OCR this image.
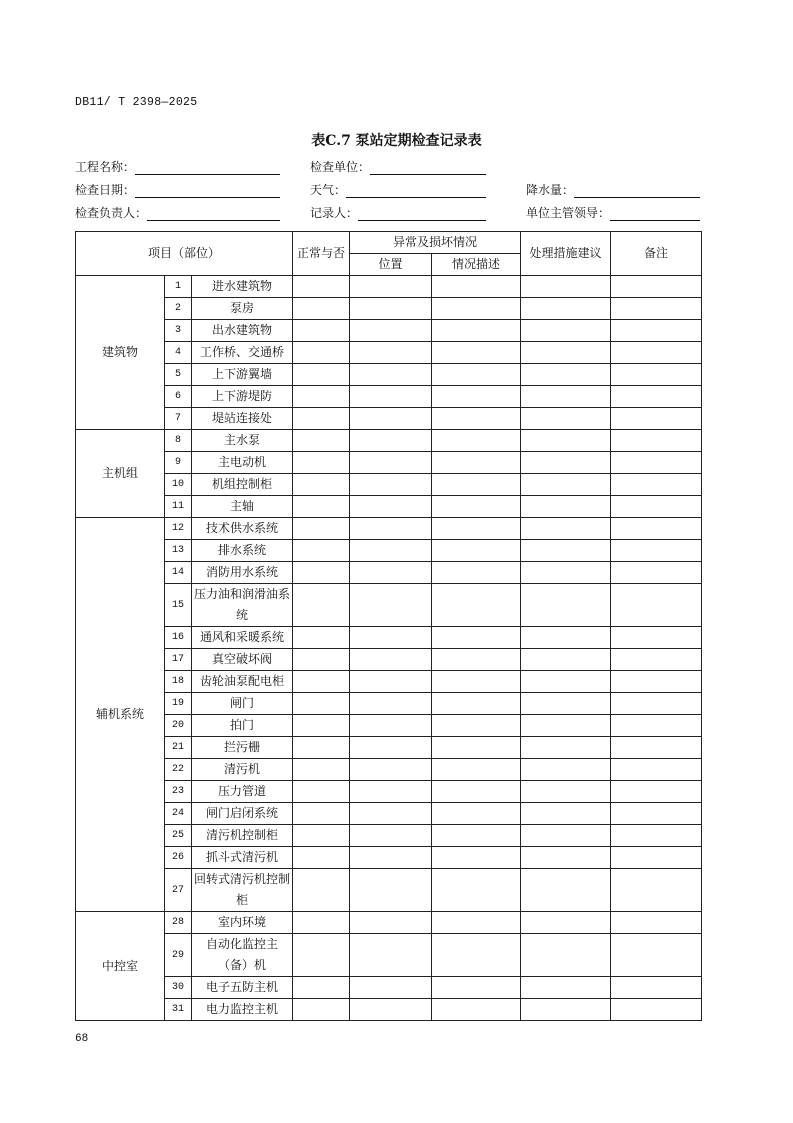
DB11/ T 2398—2025
表C.7 泵站定期检查记录表
工程名称：	检查单位：
检查日期：	天气：	降水量：
检查负责人：	记录人：	单位主管领导：
项目（部位）			正常与否	异常及损坏情况		处理措施建议	备注
				位置	情况描述		
建筑物	1	进水建筑物					
	2	泵房					
	3	出水建筑物					
	4	工作桥、交通桥					
	5	上下游翼墙					
	6	上下游堤防					
	7	堤站连接处					
主机组	8	主水泵					
	9	主电动机					
	10	机组控制柜					
	11	主轴					
辅机系统	12	技术供水系统					
	13	排水系统					
	14	消防用水系统					
	15	压力油和润滑油系统					
	16	通风和采暖系统					
	17	真空破坏阀					
	18	齿轮油泵配电柜					
	19	闸门					
	20	拍门					
	21	拦污栅					
	22	清污机					
	23	压力管道					
	24	闸门启闭系统					
	25	清污机控制柜					
	26	抓斗式清污机					
	27	回转式清污机控制柜					
中控室	28	室内环境					
	29	自动化监控主（备）机					
	30	电子五防主机					
	31	电力监控主机					
68
